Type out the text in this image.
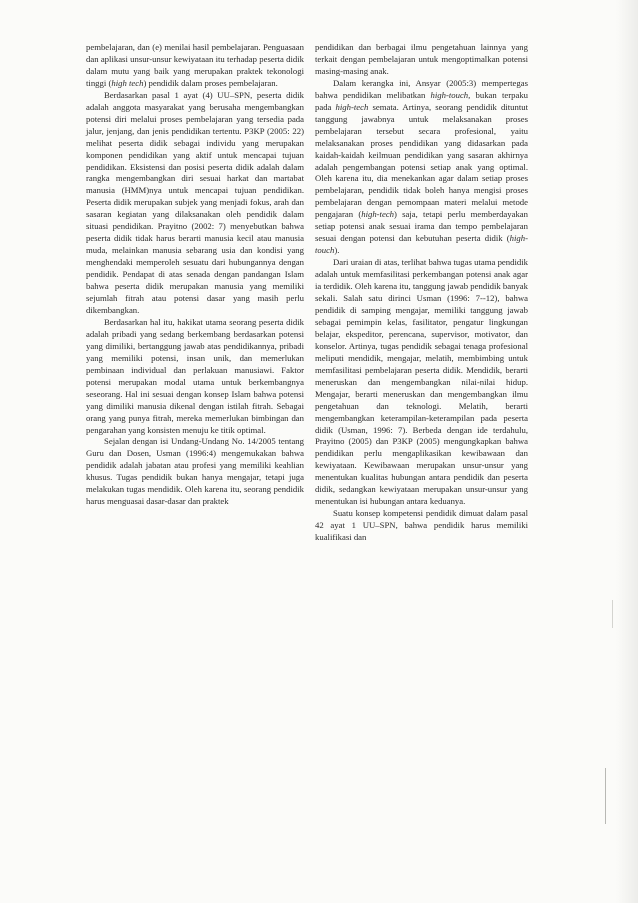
pembelajaran, dan (e) menilai hasil pembelajaran. Penguasaan dan aplikasi unsur-unsur kewiyataan itu terhadap peserta didik dalam mutu yang baik yang merupakan praktek tekonologi tinggi (high tech) pendidik dalam proses pembelajaran.

Berdasarkan pasal 1 ayat (4) UU–SPN, peserta didik adalah anggota masyarakat yang berusaha mengembangkan potensi diri melalui proses pembelajaran yang tersedia pada jalur, jenjang, dan jenis pendidikan tertentu. P3KP (2005: 22) melihat peserta didik sebagai individu yang merupakan komponen pendidikan yang aktif untuk mencapai tujuan pendidikan. Eksistensi dan posisi peserta didik adalah dalam rangka mengembangkan diri sesuai harkat dan martabat manusia (HMM)nya untuk mencapai tujuan pendidikan. Peserta didik merupakan subjek yang menjadi fokus, arah dan sasaran kegiatan yang dilaksanakan oleh pendidik dalam situasi pendidikan. Prayitno (2002: 7) menyebutkan bahwa peserta didik tidak harus berarti manusia kecil atau manusia muda, melainkan manusia sebarang usia dan kondisi yang menghendaki memperoleh sesuatu dari hubungannya dengan pendidik. Pendapat di atas senada dengan pandangan Islam bahwa peserta didik merupakan manusia yang memiliki sejumlah fitrah atau potensi dasar yang masih perlu dikembangkan.

Berdasarkan hal itu, hakikat utama seorang peserta didik adalah pribadi yang sedang berkembang berdasarkan potensi yang dimiliki, bertanggung jawab atas pendidikannya, pribadi yang memiliki potensi, insan unik, dan memerlukan pembinaan individual dan perlakuan manusiawi. Faktor potensi merupakan modal utama untuk berkembangnya seseorang. Hal ini sesuai dengan konsep Islam bahwa potensi yang dimiliki manusia dikenal dengan istilah fitrah. Sebagai orang yang punya fitrah, mereka memerlukan bimbingan dan pengarahan yang konsisten menuju ke titik optimal.

Sejalan dengan isi Undang-Undang No. 14/2005 tentang Guru dan Dosen, Usman (1996:4) mengemukakan bahwa pendidik adalah jabatan atau profesi yang memiliki keahlian khusus. Tugas pendidik bukan hanya mengajar, tetapi juga melakukan tugas mendidik. Oleh karena itu, seorang pendidik harus menguasai dasar-dasar dan praktek

pendidikan dan berbagai ilmu pengetahuan lainnya yang terkait dengan pembelajaran untuk mengoptimalkan potensi masing-masing anak.

Dalam kerangka ini, Ansyar (2005:3) mempertegas bahwa pendidikan melibatkan high-touch, bukan terpaku pada high-tech semata. Artinya, seorang pendidik dituntut tanggung jawabnya untuk melaksanakan proses pembelajaran tersebut secara profesional, yaitu melaksanakan proses pendidikan yang didasarkan pada kaidah-kaidah keilmuan pendidikan yang sasaran akhirnya adalah pengembangan potensi setiap anak yang optimal. Oleh karena itu, dia menekankan agar dalam setiap proses pembelajaran, pendidik tidak boleh hanya mengisi proses pembelajaran dengan pemompaan materi melalui metode pengajaran (high-tech) saja, tetapi perlu memberdayakan setiap potensi anak sesuai irama dan tempo pembelajaran sesuai dengan potensi dan kebutuhan peserta didik (high-touch).

Dari uraian di atas, terlihat bahwa tugas utama pendidik adalah untuk memfasilitasi perkembangan potensi anak agar ia terdidik. Oleh karena itu, tanggung jawab pendidik banyak sekali. Salah satu dirinci Usman (1996: 7--12), bahwa pendidik di samping mengajar, memiliki tanggung jawab sebagai pemimpin kelas, fasilitator, pengatur lingkungan belajar, ekspeditor, perencana, supervisor, motivator, dan konselor. Artinya, tugas pendidik sebagai tenaga profesional meliputi mendidik, mengajar, melatih, membimbing untuk memfasilitasi pembelajaran peserta didik. Mendidik, berarti meneruskan dan mengembangkan nilai-nilai hidup. Mengajar, berarti meneruskan dan mengembangkan ilmu pengetahuan dan teknologi. Melatih, berarti mengembangkan keterampilan-keterampilan pada peserta didik (Usman, 1996: 7). Berbeda dengan ide terdahulu, Prayitno (2005) dan P3KP (2005) mengungkapkan bahwa pendidikan perlu mengaplikasikan kewibawaan dan kewiyataan. Kewibawaan merupakan unsur-unsur yang menentukan kualitas hubungan antara pendidik dan peserta didik, sedangkan kewiyataan merupakan unsur-unsur yang menentukan isi hubungan antara keduanya.

Suatu konsep kompetensi pendidik dimuat dalam pasal 42 ayat 1 UU–SPN, bahwa pendidik harus memiliki kualifikasi dan
